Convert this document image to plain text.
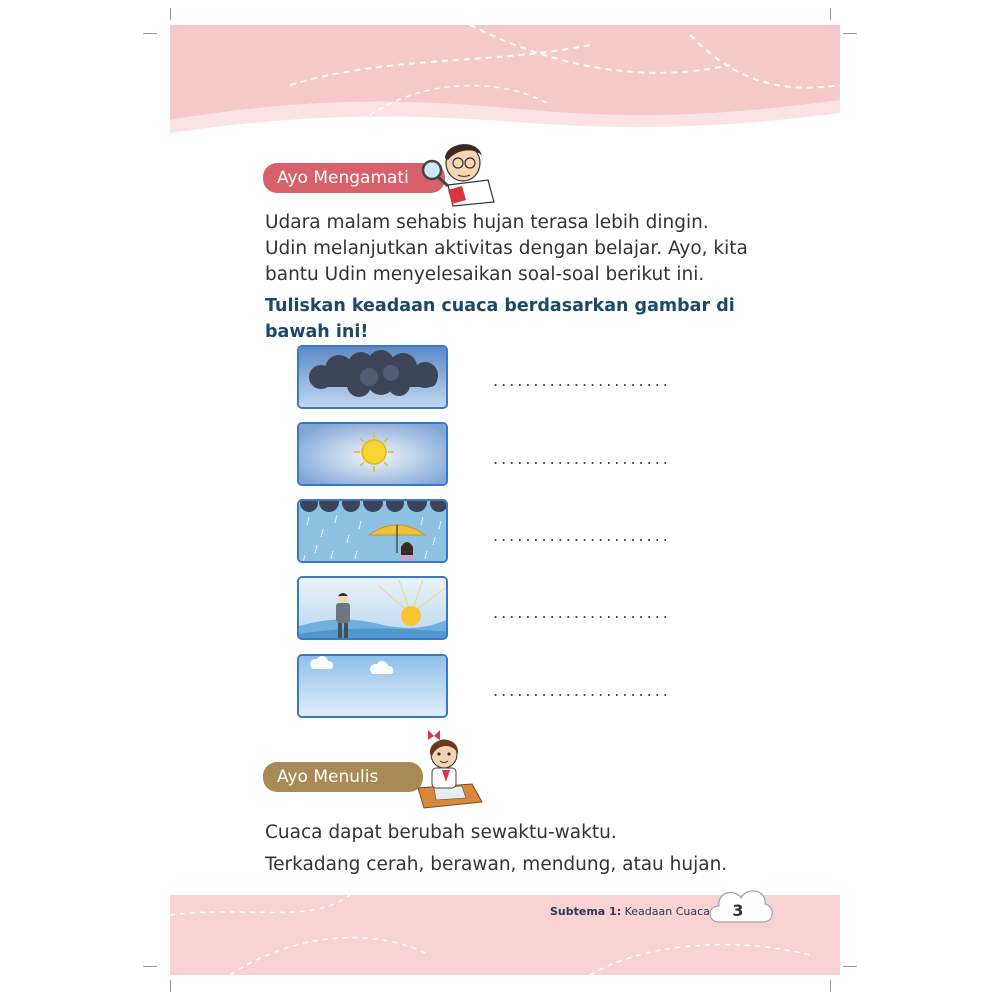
Ayo Mengamati
Udara malam sehabis hujan terasa lebih dingin.
Udin melanjutkan aktivitas dengan belajar. Ayo, kita
bantu Udin menyelesaikan soal-soal berikut ini.
Tuliskan keadaan cuaca berdasarkan gambar di
bawah ini!
......................
......................
......................
......................
......................
Ayo Menulis
Cuaca dapat berubah sewaktu-waktu.
Terkadang cerah, berawan, mendung, atau hujan.
Subtema 1: Keadaan Cuaca 3
